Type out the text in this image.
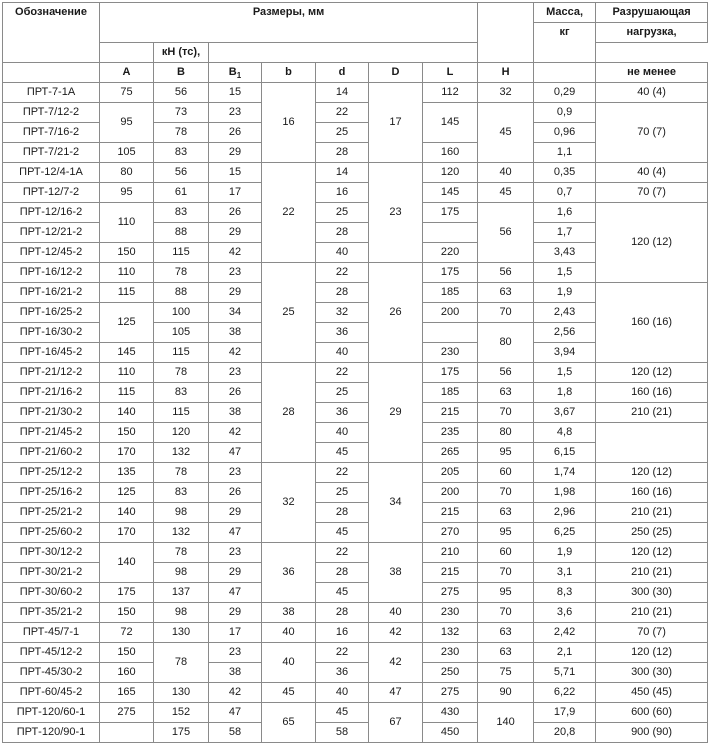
Обозначение	Размеры, мм								Масса,	Разрушающая
									кг	нагрузка,
		кН (тс),								
	A	B	$B_1$	b	d	D	L	H		не менее
ПРТ-7-1А	75	56	15	16	14	17	112	32	0,29	40 (4)
ПРТ-7/12-2	95	73	23		22		145	45	0,9	70 (7)
ПРТ-7/16-2		78	26		25				0,96	
ПРТ-7/21-2	105	83	29		28		160		1,1	
ПРТ-12/4-1А	80	56	15	22	14	23	120	40	0,35	40 (4)
ПРТ-12/7-2	95	61	17		16		145	45	0,7	70 (7)
ПРТ-12/16-2	110	83	26		25		175	56	1,6	120 (12)
ПРТ-12/21-2		88	29		28				1,7	
ПРТ-12/45-2	150	115	42		40		220		3,43	
ПРТ-16/12-2	110	78	23	25	22	26	175	56	1,5	
ПРТ-16/21-2	115	88	29		28		185	63	1,9	160 (16)
ПРТ-16/25-2	125	100	34		32		200	70	2,43	
ПРТ-16/30-2		105	38		36			80	2,56	
ПРТ-16/45-2	145	115	42		40		230		3,94	
ПРТ-21/12-2	110	78	23	28	22	29	175	56	1,5	120 (12)
ПРТ-21/16-2	115	83	26		25		185	63	1,8	160 (16)
ПРТ-21/30-2	140	115	38		36		215	70	3,67	210 (21)
ПРТ-21/45-2	150	120	42		40		235	80	4,8	
ПРТ-21/60-2	170	132	47		45		265	95	6,15	
ПРТ-25/12-2	135	78	23	32	22	34	205	60	1,74	120 (12)
ПРТ-25/16-2	125	83	26		25		200	70	1,98	160 (16)
ПРТ-25/21-2	140	98	29		28		215	63	2,96	210 (21)
ПРТ-25/60-2	170	132	47		45		270	95	6,25	250 (25)
ПРТ-30/12-2	140	78	23	36	22	38	210	60	1,9	120 (12)
ПРТ-30/21-2		98	29		28		215	70	3,1	210 (21)
ПРТ-30/60-2	175	137	47		45		275	95	8,3	300 (30)
ПРТ-35/21-2	150	98	29	38	28	40	230	70	3,6	210 (21)
ПРТ-45/7-1	72	130	17	40	16	42	132	63	2,42	70 (7)
ПРТ-45/12-2	150	78	23	40	22	42	230	63	2,1	120 (12)
ПРТ-45/30-2	160		38		36		250	75	5,71	300 (30)
ПРТ-60/45-2	165	130	42	45	40	47	275	90	6,22	450 (45)
ПРТ-120/60-1	275	152	47	65	45	67	430	140	17,9	600 (60)
ПРТ-120/90-1		175	58		58		450		20,8	900 (90)
